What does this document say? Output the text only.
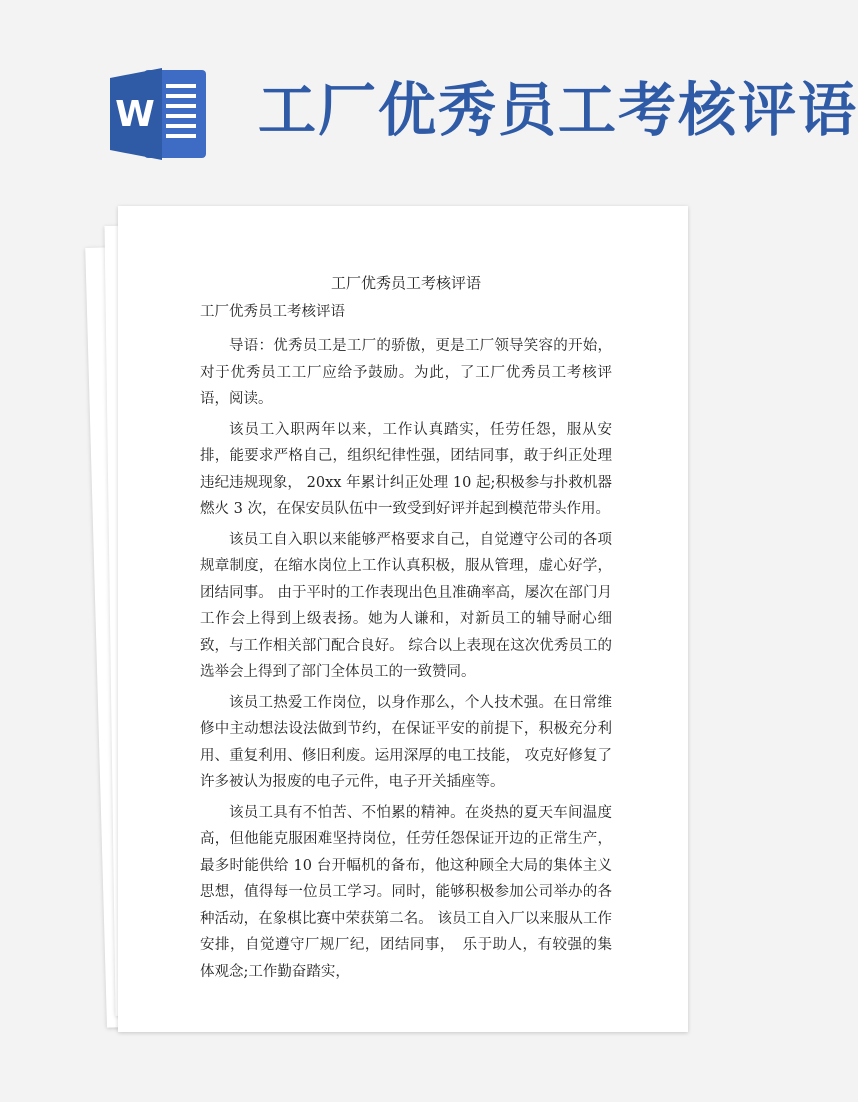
W 工厂优秀员工考核评语
工厂优秀员工考核评语
工厂优秀员工考核评语

导语：优秀员工是工厂的骄傲，更是工厂领导笑容的开始，对于优秀员工工厂应给予鼓励。为此，了工厂优秀员工考核评语，阅读。

该员工入职两年以来，工作认真踏实，任劳任怨，服从安排，能要求严格自己，组织纪律性强，团结同事，敢于纠正处理违纪违规现象， 20xx 年累计纠正处理 10 起;积极参与扑救机器燃火 3 次，在保安员队伍中一致受到好评并起到模范带头作用。

该员工自入职以来能够严格要求自己，自觉遵守公司的各项规章制度，在缩水岗位上工作认真积极，服从管理，虚心好学，团结同事。 由于平时的工作表现出色且准确率高，屡次在部门月工作会上得到上级表扬。她为人谦和，对新员工的辅导耐心细致，与工作相关部门配合良好。 综合以上表现在这次优秀员工的选举会上得到了部门全体员工的一致赞同。

该员工热爱工作岗位，以身作那么，个人技术强。在日常维修中主动想法设法做到节约，在保证平安的前提下，积极充分利用、重复利用、修旧利废。运用深厚的电工技能， 攻克好修复了许多被认为报废的电子元件，电子开关插座等。

该员工具有不怕苦、不怕累的精神。在炎热的夏天车间温度高，但他能克服困难坚持岗位，任劳任怨保证开边的正常生产，最多时能供给 10 台开幅机的备布，他这种顾全大局的集体主义思想，值得每一位员工学习。同时，能够积极参加公司举办的各种活动，在象棋比赛中荣获第二名。 该员工自入厂以来服从工作安排，自觉遵守厂规厂纪，团结同事，　乐于助人，有较强的集体观念;工作勤奋踏实，
